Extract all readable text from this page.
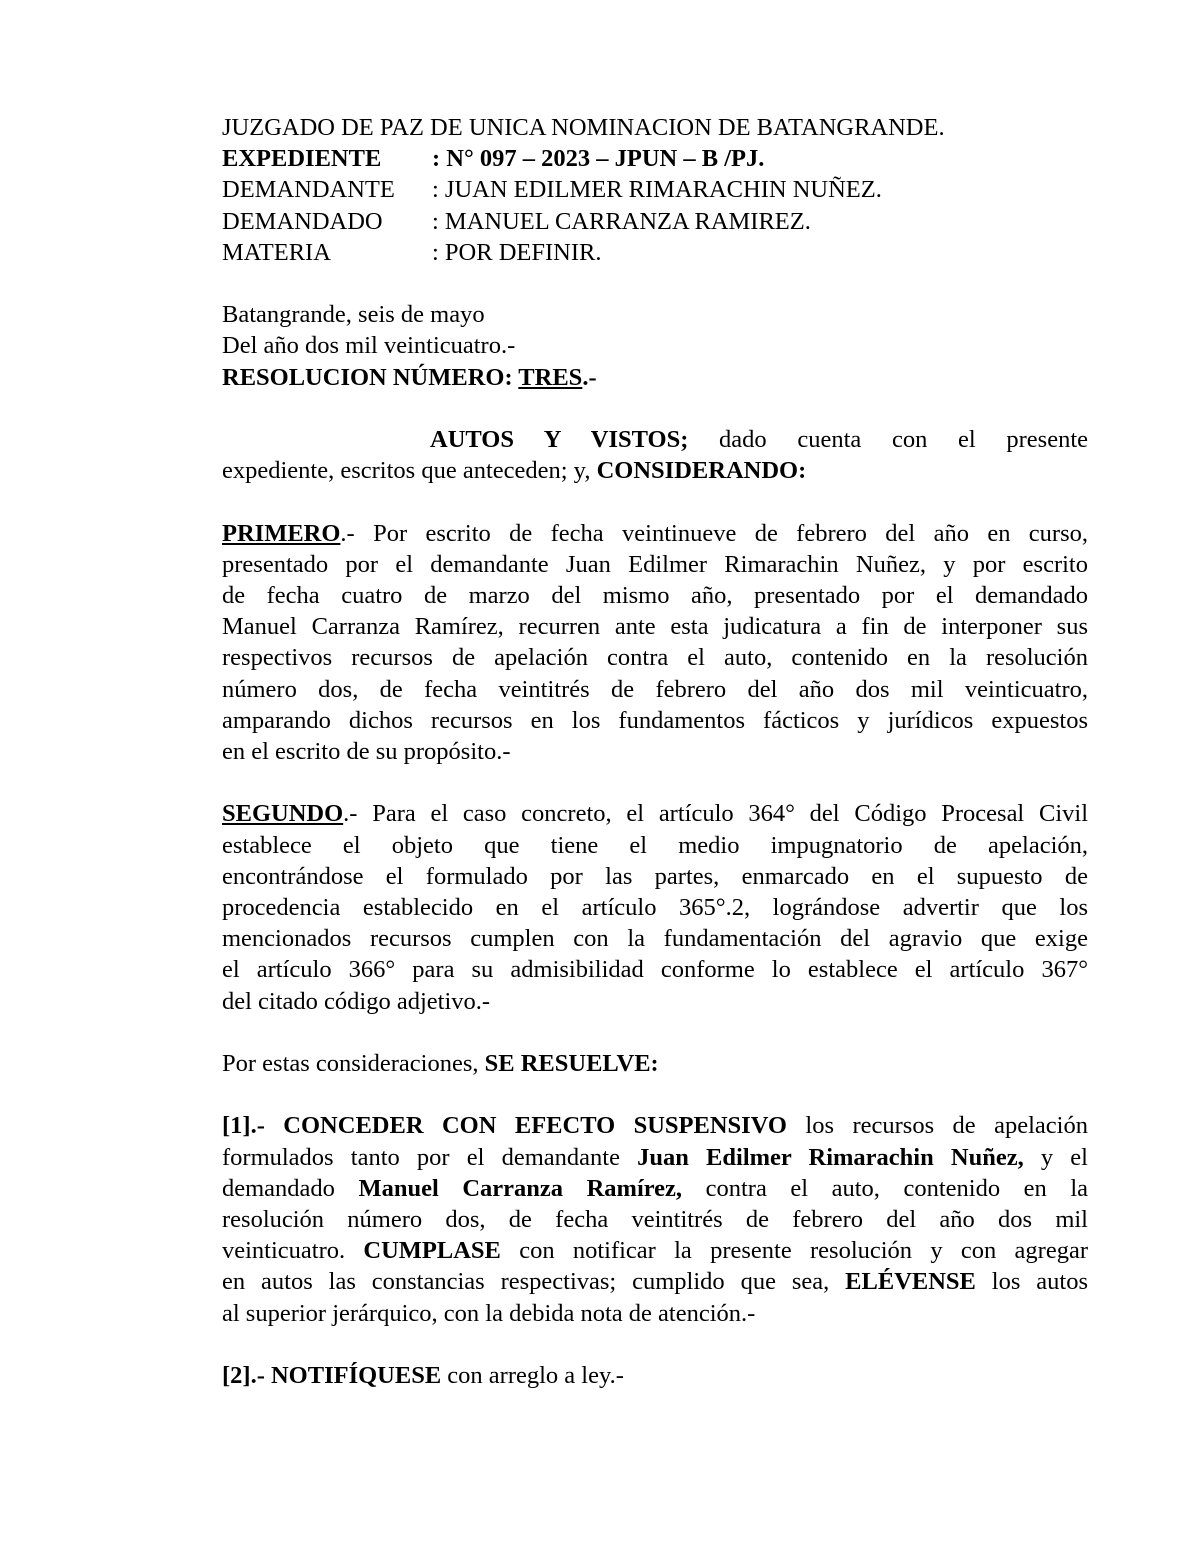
JUZGADO DE PAZ DE UNICA NOMINACION DE BATANGRANDE.
EXPEDIENTE	: N° 097 – 2023 – JPUN – B /PJ.
DEMANDANTE	: JUAN EDILMER RIMARACHIN NUÑEZ.
DEMANDADO	: MANUEL CARRANZA RAMIREZ.
MATERIA	: POR DEFINIR.
Batangrande, seis de mayo
Del año dos mil veinticuatro.-
RESOLUCION NÚMERO: TRES.-
AUTOS Y VISTOS; dado cuenta con el presente
expediente, escritos que anteceden; y, CONSIDERANDO:
PRIMERO.- Por escrito de fecha veintinueve de febrero del año en curso,
presentado por el demandante Juan Edilmer Rimarachin Nuñez, y por escrito
de fecha cuatro de marzo del mismo año, presentado por el demandado
Manuel Carranza Ramírez, recurren ante esta judicatura a fin de interponer sus
respectivos recursos de apelación contra el auto, contenido en la resolución
número dos, de fecha veintitrés de febrero del año dos mil veinticuatro,
amparando dichos recursos en los fundamentos fácticos y jurídicos expuestos
en el escrito de su propósito.-
SEGUNDO.- Para el caso concreto, el artículo 364° del Código Procesal Civil
establece el objeto que tiene el medio impugnatorio de apelación,
encontrándose el formulado por las partes, enmarcado en el supuesto de
procedencia establecido en el artículo 365°.2, lográndose advertir que los
mencionados recursos cumplen con la fundamentación del agravio que exige
el artículo 366° para su admisibilidad conforme lo establece el artículo 367°
del citado código adjetivo.-
Por estas consideraciones, SE RESUELVE:
[1].- CONCEDER CON EFECTO SUSPENSIVO los recursos de apelación
formulados tanto por el demandante Juan Edilmer Rimarachin Nuñez, y el
demandado Manuel Carranza Ramírez, contra el auto, contenido en la
resolución número dos, de fecha veintitrés de febrero del año dos mil
veinticuatro. CUMPLASE con notificar la presente resolución y con agregar
en autos las constancias respectivas; cumplido que sea, ELÉVENSE los autos
al superior jerárquico, con la debida nota de atención.-
[2].- NOTIFÍQUESE con arreglo a ley.-
